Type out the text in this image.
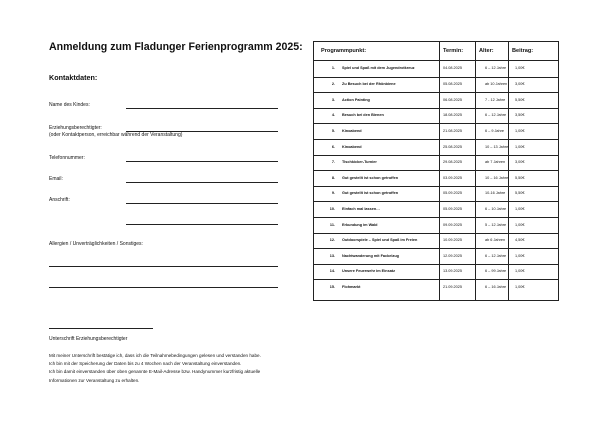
Anmeldung zum Fladunger Ferienprogramm 2025:
Kontaktdaten:
Name des Kindes:
Erziehungsberechtigter:
(oder Kontaktperson, erreichbar während der Veranstaltung)
Telefonnummer:
Email:
Anschrift:
Allergien / Unverträglichkeiten / Sonstiges:
Unterschrift Erziehungsberechtigter
Mit meiner Unterschrift bestätige ich, dass ich die Teilnahmebedingungen gelesen und verstanden habe.
Ich bin mit der Speicherung der Daten bis zu 4 Wochen nach der Veranstaltung einverstanden.
Ich bin damit einverstanden über oben genannte E-Mail-Adresse bzw. Handynummer kurzfristig aktuelle
Informationen zur Veranstaltung zu erhalten.
Programmpunkt:	Termin:	Alter:	Beitrag:
1. Spiel und Spaß mit dem Jugendrotkreuz	04.08.2025	6 – 12 Jahre 1,00€
2. Zu Besuch bei der Rhönbiene	05.08.2025	ab 10 Jahren 3,00€
3. Action Painting	06.08.2025	7 - 12 Jahre	5,50€
4. Besuch bei den Bienen	18.08.2025	6 – 12 Jahre 3,50€
5. Kinoabend	21.08.2025	6 – 9 Jahre	1,00€
6. Kinoabend	25.08.2025	10 – 13 Jahre 1,00€
7. Tischkicker-Turnier	29.08.2025	ab 7 Jahren	3,00€
8. Gut gestellt ist schon getroffen	03.09.2025	10 – 16 Jahre 5,50€
9. Gut gestellt ist schon getroffen	05.09.2025	10-16 Jahre	5,50€
10. Einfach mal lassen…	05.09.2025	6 – 10 Jahre 1,00€
11. Erkundung im Wald	09.09.2025	5 – 12 Jahre 1,00€
12. Outdoorspiele – Spiel und Spaß im Freien	10.09.2025	ab 6 Jahren	4,50€
13. Nachtwanderung mit Fackelzug	12.09.2025	6 – 12 Jahre 1,00€
14. Unsere Feuerwehr im Einsatz	13.09.2025	6 – 99 Jahre 1,00€
15. Flohmarkt	21.09.2025	6 – 16 Jahre 1,00€
